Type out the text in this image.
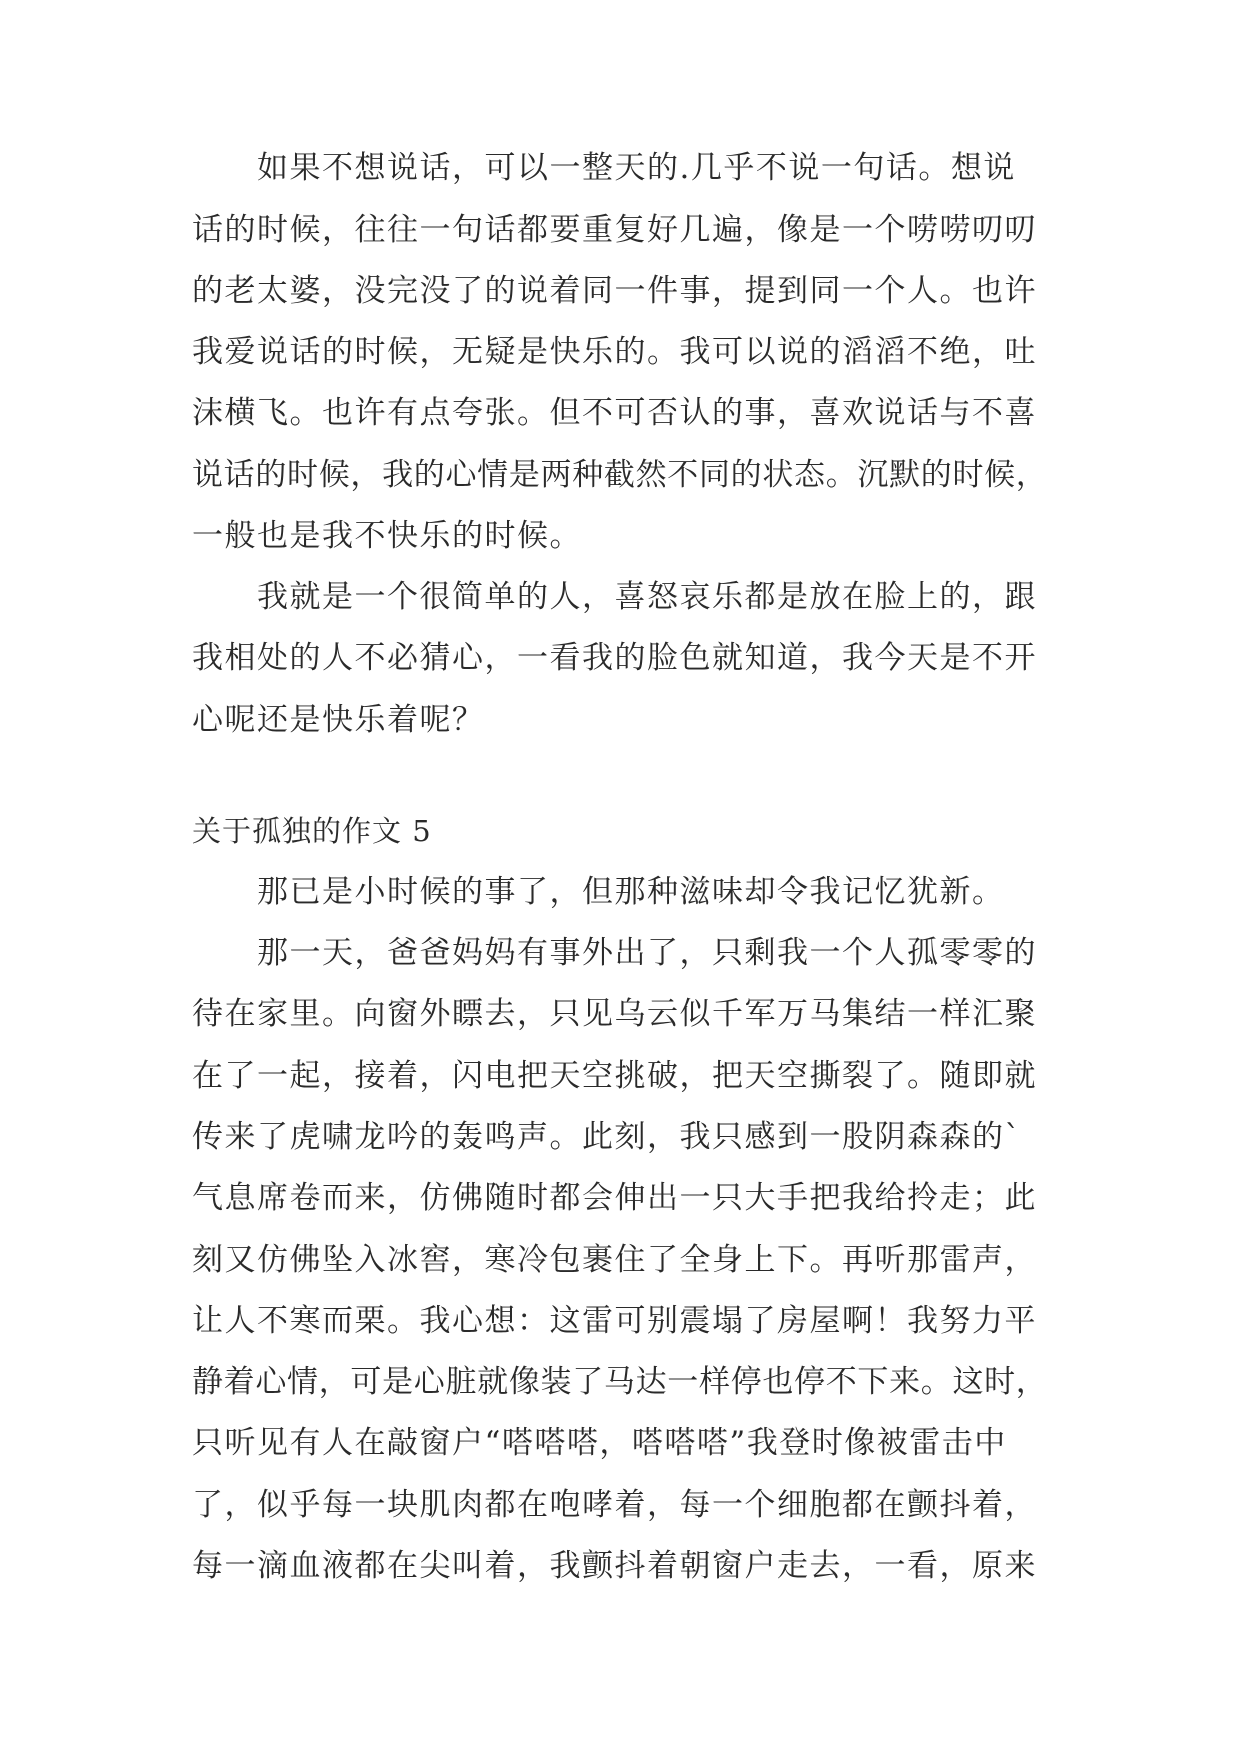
如果不想说话，可以一整天的.几乎不说一句话。想说
话的时候，往往一句话都要重复好几遍，像是一个唠唠叨叨
的老太婆，没完没了的说着同一件事，提到同一个人。也许
我爱说话的时候，无疑是快乐的。我可以说的滔滔不绝，吐
沫横飞。也许有点夸张。但不可否认的事，喜欢说话与不喜
说话的时候，我的心情是两种截然不同的状态。沉默的时候，
一般也是我不快乐的时候。
我就是一个很简单的人，喜怒哀乐都是放在脸上的，跟
我相处的人不必猜心，一看我的脸色就知道，我今天是不开
心呢还是快乐着呢？
关于孤独的作文 5
那已是小时候的事了，但那种滋味却令我记忆犹新。
那一天，爸爸妈妈有事外出了，只剩我一个人孤零零的
待在家里。向窗外瞟去，只见乌云似千军万马集结一样汇聚
在了一起，接着，闪电把天空挑破，把天空撕裂了。随即就
传来了虎啸龙吟的轰鸣声。此刻，我只感到一股阴森森的`
气息席卷而来，仿佛随时都会伸出一只大手把我给拎走；此
刻又仿佛坠入冰窖，寒冷包裹住了全身上下。再听那雷声，
让人不寒而栗。我心想：这雷可别震塌了房屋啊！我努力平
静着心情，可是心脏就像装了马达一样停也停不下来。这时，
只听见有人在敲窗户“嗒嗒嗒，嗒嗒嗒”我登时像被雷击中
了，似乎每一块肌肉都在咆哮着，每一个细胞都在颤抖着，
每一滴血液都在尖叫着，我颤抖着朝窗户走去，一看，原来
